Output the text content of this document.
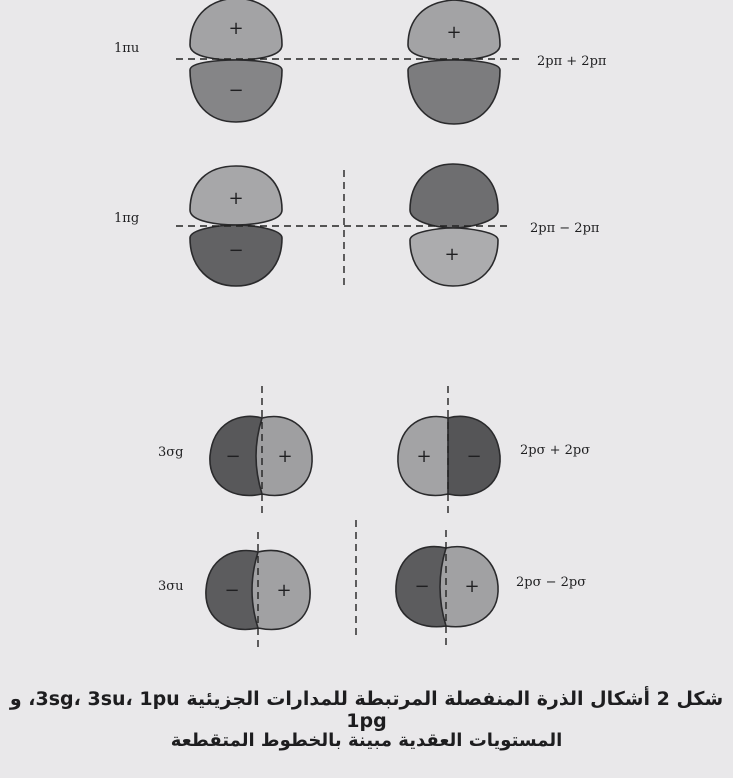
+
−
+
1πu
2pπ + 2pπ
+
−	+
1πg
2pπ − 2pπ
− +	+ −
3σg	2pσ + 2pσ
− +	− +
3σu	2pσ − 2pσ
شكل 2 أشكال الذرة المنفصلة المرتبطة للمدارات الجزيئية 3sg، 3su، 1pu، و 1pg
المستويات العقدية مبينة بالخطوط المتقطعة
